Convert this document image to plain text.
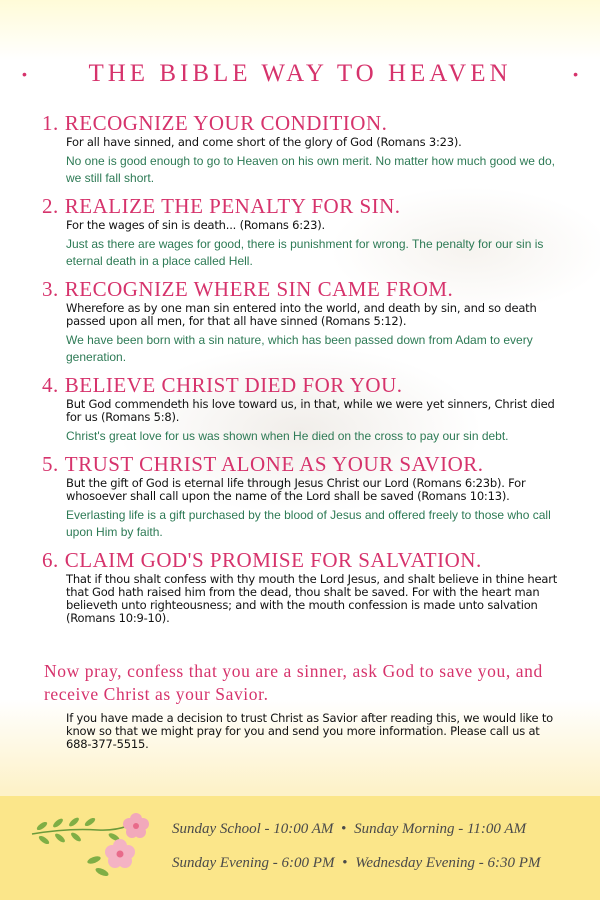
• THE BIBLE WAY TO HEAVEN	•
1. RECOGNIZE YOUR CONDITION.
For all have sinned, and come short of the glory of God (Romans 3:23).
No one is good enough to go to Heaven on his own merit. No matter how much good we do, we still fall short.
2. REALIZE THE PENALTY FOR SIN.
For the wages of sin is death... (Romans 6:23).
Just as there are wages for good, there is punishment for wrong. The penalty for our sin is eternal death in a place called Hell.
3. RECOGNIZE WHERE SIN CAME FROM.
Wherefore as by one man sin entered into the world, and death by sin, and so death passed upon all men, for that all have sinned (Romans 5:12).
We have been born with a sin nature, which has been passed down from Adam to every generation.
4. BELIEVE CHRIST DIED FOR YOU.
But God commendeth his love toward us, in that, while we were yet sinners, Christ died for us (Romans 5:8).
Christ's great love for us was shown when He died on the cross to pay our sin debt.
5. TRUST CHRIST ALONE AS YOUR SAVIOR.
But the gift of God is eternal life through Jesus Christ our Lord (Romans 6:23b). For whosoever shall call upon the name of the Lord shall be saved (Romans 10:13).
Everlasting life is a gift purchased by the blood of Jesus and offered freely to those who call upon Him by faith.
6. CLAIM GOD'S PROMISE FOR SALVATION.
That if thou shalt confess with thy mouth the Lord Jesus, and shalt believe in thine heart that God hath raised him from the dead, thou shalt be saved. For with the heart man believeth unto righteousness; and with the mouth confession is made unto salvation (Romans 10:9-10).
Now pray, confess that you are a sinner, ask God to save you, and receive Christ as your Savior.
If you have made a decision to trust Christ as Savior after reading this, we would like to know so that we might pray for you and send you more information. Please call us at 688-377-5515.
Sunday School - 10:00 AM • Sunday Morning - 11:00 AM
Sunday Evening - 6:00 PM • Wednesday Evening - 6:30 PM
